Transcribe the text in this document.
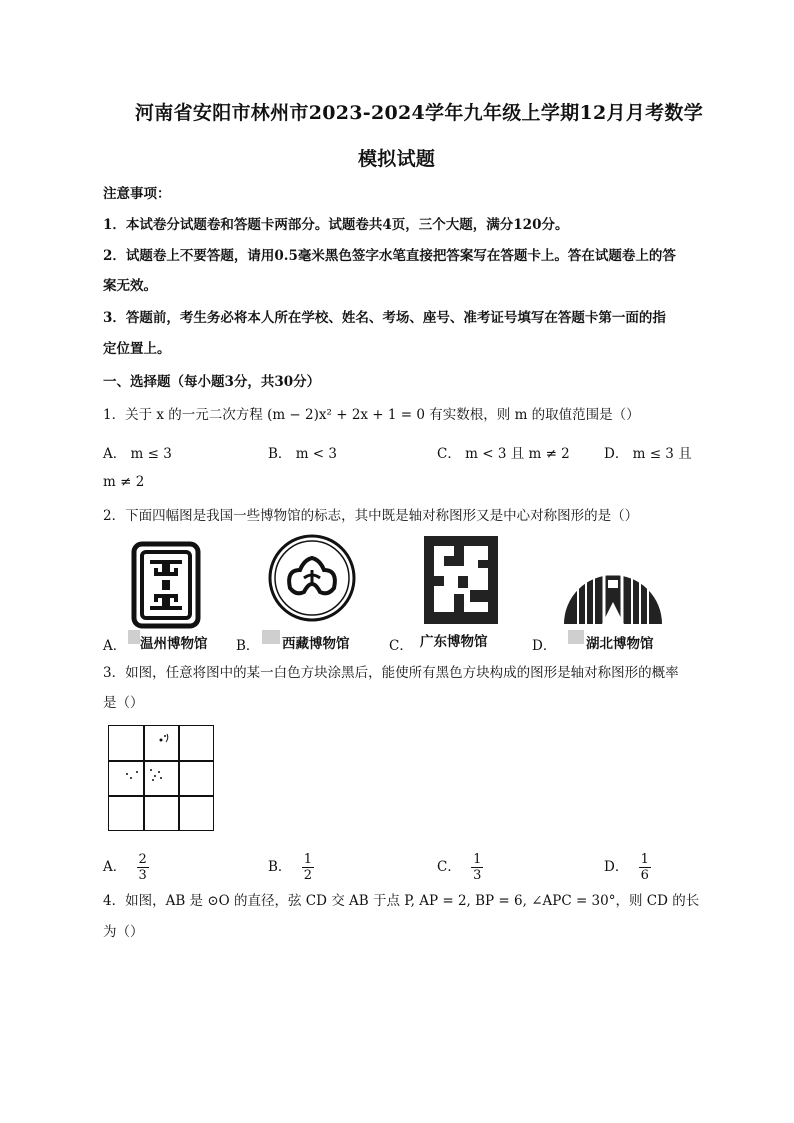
河南省安阳市林州市2023-2024学年九年级上学期12月月考数学
模拟试题
注意事项：
1．本试卷分试题卷和答题卡两部分。试题卷共4页，三个大题，满分120分。
2．试题卷上不要答题，请用0.5毫米黑色签字水笔直接把答案写在答题卡上。答在试题卷上的答
案无效。
3．答题前，考生务必将本人所在学校、姓名、考场、座号、准考证号填写在答题卡第一面的指
定位置上。
一、选择题（每小题3分，共30分）
1．关于 x 的一元二次方程 (m − 2)x² + 2x + 1 = 0 有实数根，则 m 的取值范围是（）
A． m ≤ 3	B． m < 3	C． m < 3 且 m ≠ 2	D． m ≤ 3 且
m ≠ 2
2．下面四幅图是我国一些博物馆的标志，其中既是轴对称图形又是中心对称图形的是（）
A． 温州博物馆 B． 西藏博物馆	C． 广东博物馆	D． 湖北博物馆
3．如图，任意将图中的某一白色方块涂黑后，能使所有黑色方块构成的图形是轴对称图形的概率
是（）
A． $\frac{2}{3}$	B． $\frac{1}{2}$	C． $\frac{1}{3}$	D． $\frac{1}{6}$
4．如图，AB 是 ⊙O 的直径，弦 CD 交 AB 于点 P, AP = 2, BP = 6, ∠APC = 30°，则 CD 的长
为（）
